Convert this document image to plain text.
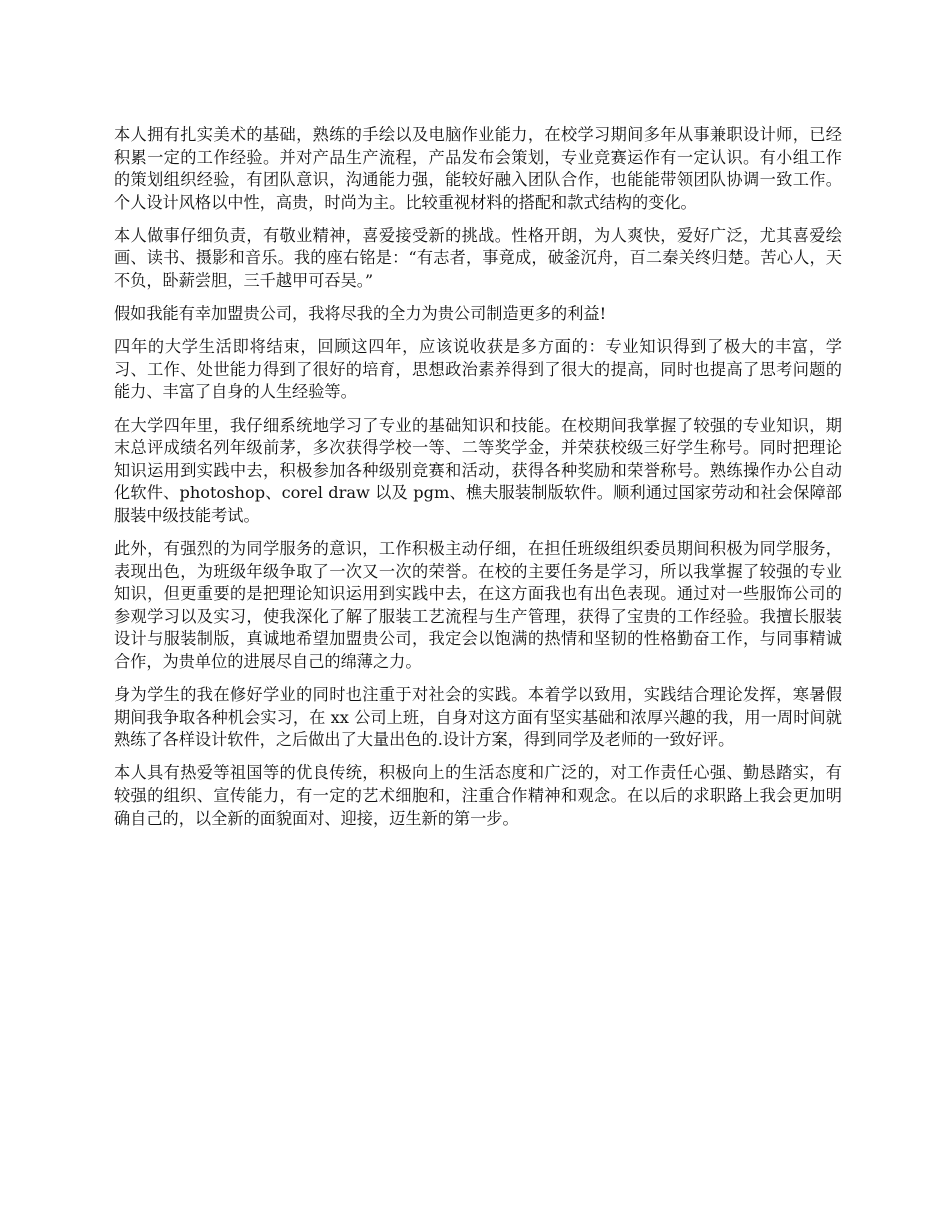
本人拥有扎实美术的基础，熟练的手绘以及电脑作业能力，在校学习期间多年从事兼职设计师，已经积累一定的工作经验。并对产品生产流程，产品发布会策划，专业竞赛运作有一定认识。有小组工作的策划组织经验，有团队意识，沟通能力强，能较好融入团队合作，也能能带领团队协调一致工作。个人设计风格以中性，高贵，时尚为主。比较重视材料的搭配和款式结构的变化。

本人做事仔细负责，有敬业精神，喜爱接受新的挑战。性格开朗，为人爽快，爱好广泛，尤其喜爱绘画、读书、摄影和音乐。我的座右铭是：“有志者，事竟成，破釜沉舟，百二秦关终归楚。苦心人，天不负，卧薪尝胆，三千越甲可吞吴。”

假如我能有幸加盟贵公司，我将尽我的全力为贵公司制造更多的利益!

四年的大学生活即将结束，回顾这四年，应该说收获是多方面的：专业知识得到了极大的丰富，学习、工作、处世能力得到了很好的培育，思想政治素养得到了很大的提高，同时也提高了思考问题的能力、丰富了自身的人生经验等。

在大学四年里，我仔细系统地学习了专业的基础知识和技能。在校期间我掌握了较强的专业知识，期末总评成绩名列年级前茅，多次获得学校一等、二等奖学金，并荣获校级三好学生称号。同时把理论知识运用到实践中去，积极参加各种级别竞赛和活动，获得各种奖励和荣誉称号。熟练操作办公自动化软件、photoshop、corel draw 以及 pgm、樵夫服装制版软件。顺利通过国家劳动和社会保障部服装中级技能考试。

此外，有强烈的为同学服务的意识，工作积极主动仔细，在担任班级组织委员期间积极为同学服务，表现出色，为班级年级争取了一次又一次的荣誉。在校的主要任务是学习，所以我掌握了较强的专业知识，但更重要的是把理论知识运用到实践中去，在这方面我也有出色表现。通过对一些服饰公司的参观学习以及实习，使我深化了解了服装工艺流程与生产管理，获得了宝贵的工作经验。我擅长服装设计与服装制版，真诚地希望加盟贵公司，我定会以饱满的热情和坚韧的性格勤奋工作，与同事精诚合作，为贵单位的进展尽自己的绵薄之力。

身为学生的我在修好学业的同时也注重于对社会的实践。本着学以致用，实践结合理论发挥，寒暑假期间我争取各种机会实习，在 xx 公司上班，自身对这方面有坚实基础和浓厚兴趣的我，用一周时间就熟练了各样设计软件，之后做出了大量出色的.设计方案，得到同学及老师的一致好评。

本人具有热爱等祖国等的优良传统，积极向上的生活态度和广泛的，对工作责任心强、勤恳踏实，有较强的组织、宣传能力，有一定的艺术细胞和，注重合作精神和观念。在以后的求职路上我会更加明确自己的，以全新的面貌面对、迎接，迈生新的第一步。
